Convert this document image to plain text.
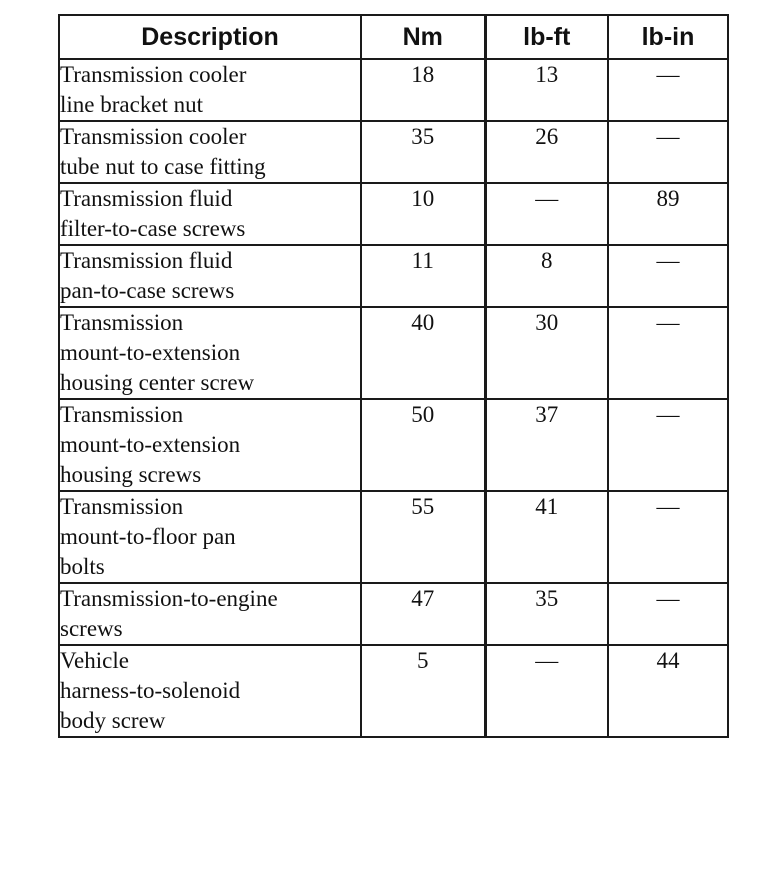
Description	Nm	lb-ft	lb-in

Transmission cooler
line bracket nut	18	13	—

Transmission cooler
tube nut to case fitting	35	26	—

Transmission fluid
filter-to-case screws	10	—	89

Transmission fluid
pan-to-case screws	11	8	—

Transmission
mount-to-extension
housing center screw	40	30	—

Transmission
mount-to-extension
housing screws	50	37	—

Transmission
mount-to-floor pan
bolts	55	41	—

Transmission-to-engine
screws	47	35	—

Vehicle
harness-to-solenoid
body screw	5	—	44
